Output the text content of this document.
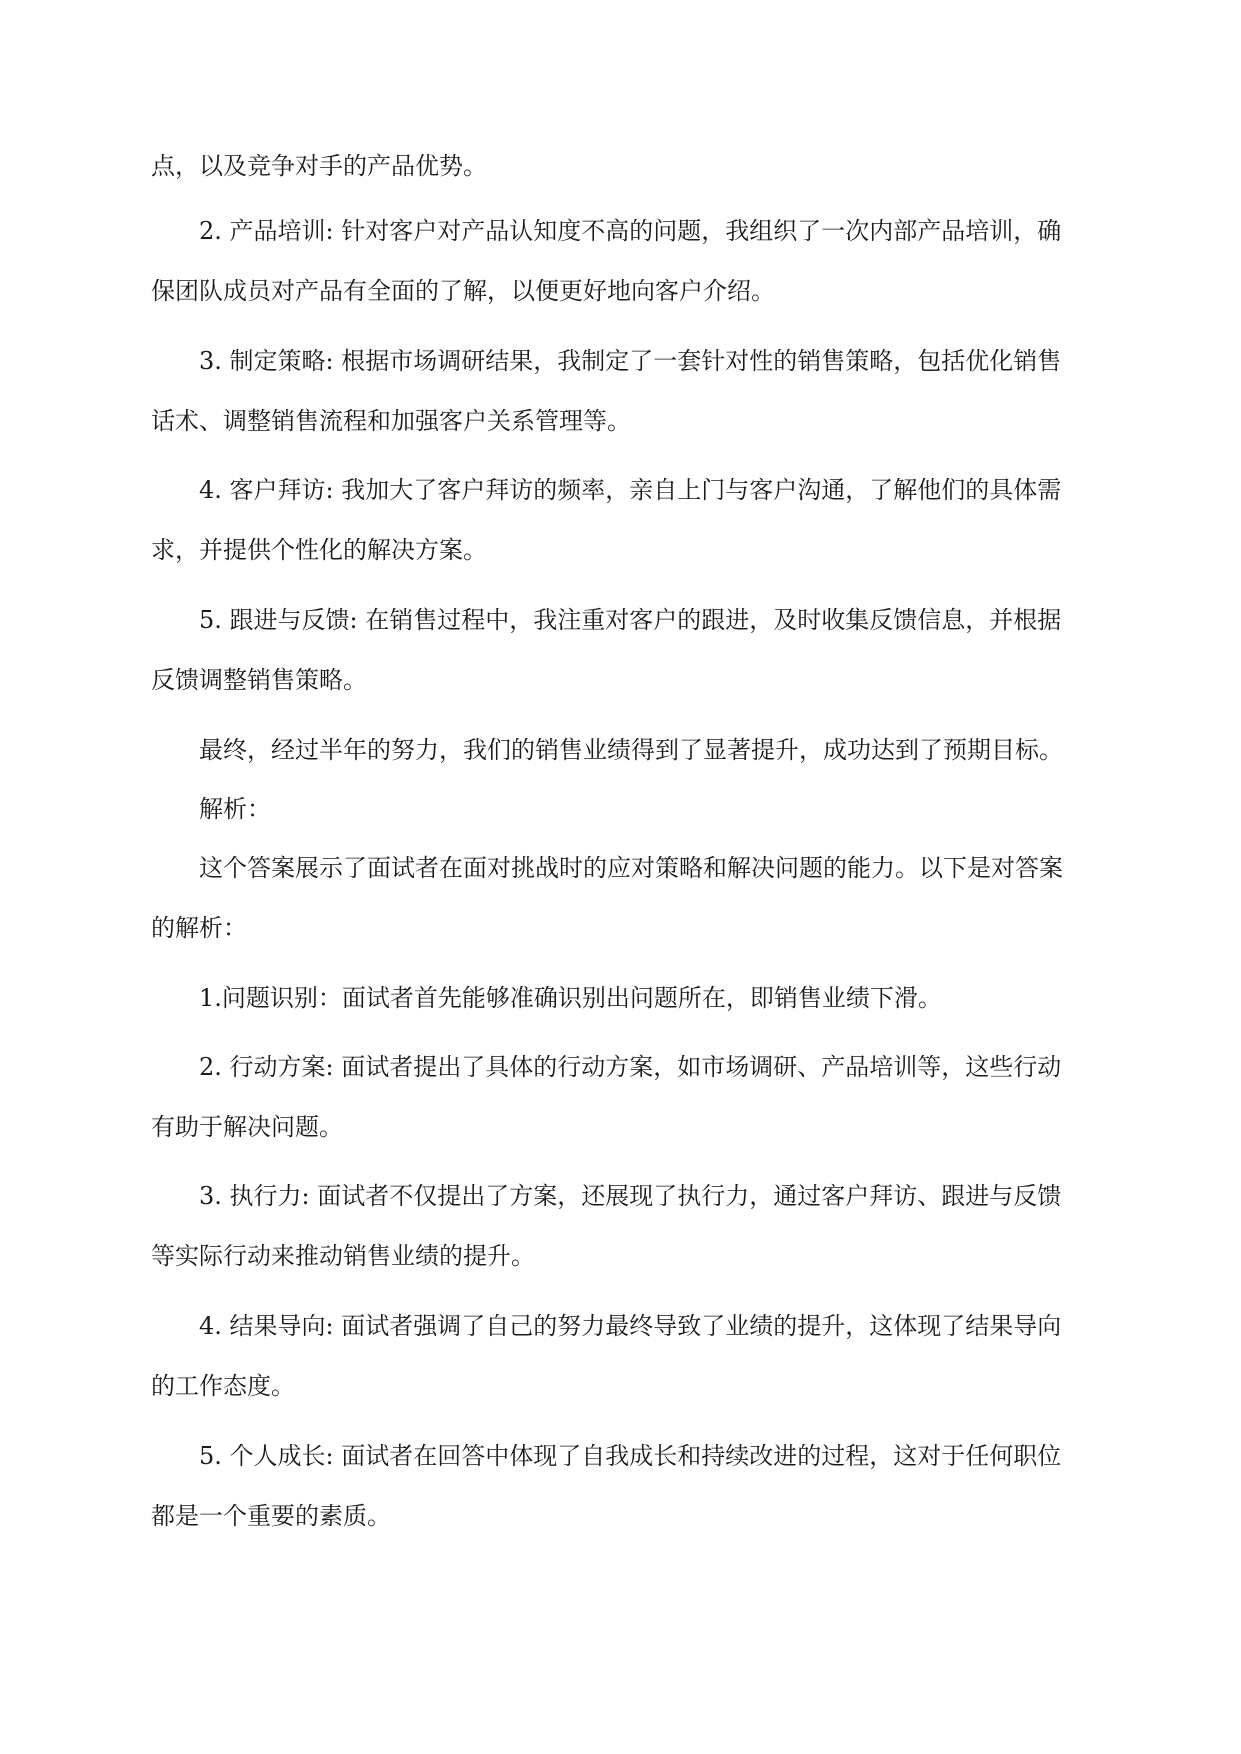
点，以及竞争对手的产品优势。

2. 产品培训: 针对客户对产品认知度不高的问题，我组织了一次内部产品培训，确

保团队成员对产品有全面的了解，以便更好地向客户介绍。

3. 制定策略: 根据市场调研结果，我制定了一套针对性的销售策略，包括优化销售

话术、调整销售流程和加强客户关系管理等。

4. 客户拜访: 我加大了客户拜访的频率，亲自上门与客户沟通，了解他们的具体需

求，并提供个性化的解决方案。

5. 跟进与反馈: 在销售过程中，我注重对客户的跟进，及时收集反馈信息，并根据

反馈调整销售策略。

最终，经过半年的努力，我们的销售业绩得到了显著提升，成功达到了预期目标。

解析：

这个答案展示了面试者在面对挑战时的应对策略和解决问题的能力。以下是对答案

的解析：

1.问题识别：面试者首先能够准确识别出问题所在，即销售业绩下滑。

2. 行动方案: 面试者提出了具体的行动方案，如市场调研、产品培训等，这些行动

有助于解决问题。

3. 执行力: 面试者不仅提出了方案，还展现了执行力，通过客户拜访、跟进与反馈

等实际行动来推动销售业绩的提升。

4. 结果导向: 面试者强调了自己的努力最终导致了业绩的提升，这体现了结果导向

的工作态度。

5. 个人成长: 面试者在回答中体现了自我成长和持续改进的过程，这对于任何职位

都是一个重要的素质。
